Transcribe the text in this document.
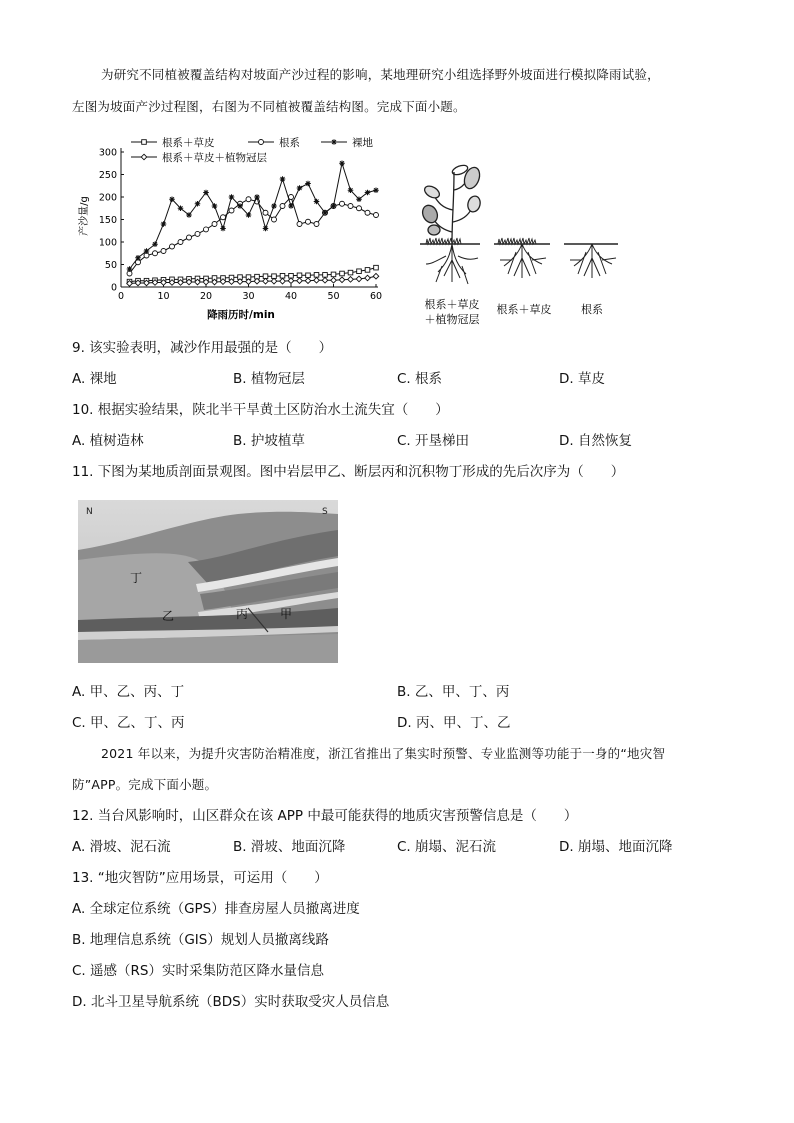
为研究不同植被覆盖结构对坡面产沙过程的影响，某地理研究小组选择野外坡面进行模拟降雨试验，
左图为坡面产沙过程图，右图为不同植被覆盖结构图。完成下面小题。
根系＋草皮	根系	裸地
根系＋草皮＋植物冠层
0	10	20	30	40	50	60
0
50
100
150
200
250
300
降雨历时/min
产沙量/g
根系＋草皮
＋植物冠层
根系＋草皮	根系
9. 该实验表明，减沙作用最强的是（　　）
A. 裸地	B. 植物冠层	C. 根系	D. 草皮
10. 根据实验结果，陕北半干旱黄土区防治水土流失宜（　　）
A. 植树造林	B. 护坡植草	C. 开垦梯田	D. 自然恢复
11. 下图为某地质剖面景观图。图中岩层甲乙、断层丙和沉积物丁形成的先后次序为（　　）
N	S
丁
乙	丙	甲
A. 甲、乙、丙、丁	B. 乙、甲、丁、丙
C. 甲、乙、丁、丙	D. 丙、甲、丁、乙
2021 年以来，为提升灾害防治精准度，浙江省推出了集实时预警、专业监测等功能于一身的“地灾智
防”APP。完成下面小题。
12. 当台风影响时，山区群众在该 APP 中最可能获得的地质灾害预警信息是（　　）
A. 滑坡、泥石流	B. 滑坡、地面沉降	C. 崩塌、泥石流	D. 崩塌、地面沉降
13. “地灾智防”应用场景，可运用（　　）
A. 全球定位系统（GPS）排查房屋人员撤离进度
B. 地理信息系统（GIS）规划人员撤离线路
C. 遥感（RS）实时采集防范区降水量信息
D. 北斗卫星导航系统（BDS）实时获取受灾人员信息
